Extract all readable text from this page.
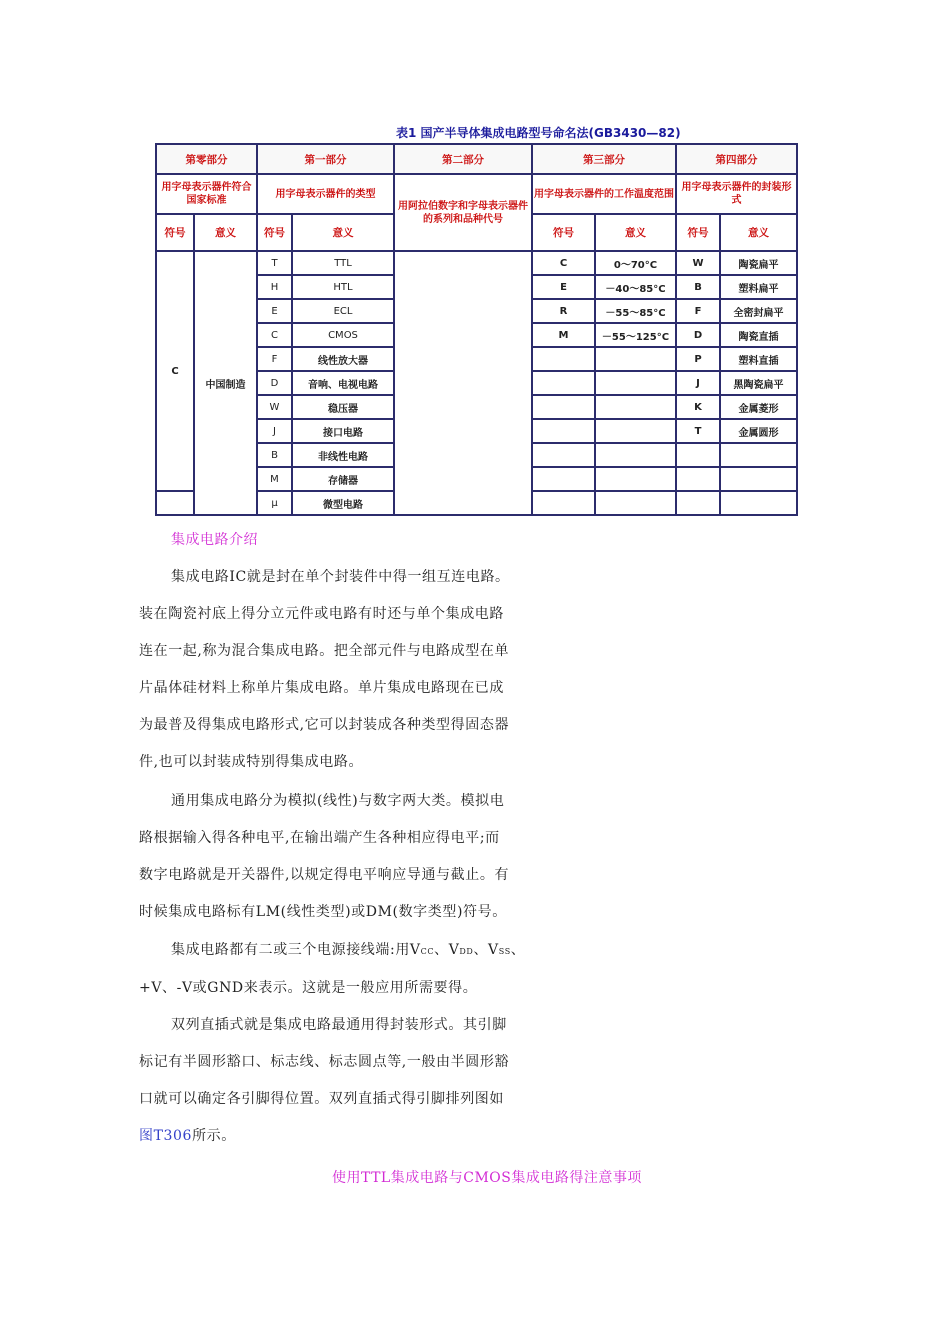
表1 国产半导体集成电路型号命名法(GB3430—82)
第零部分		第一部分		第二部分	第三部分		第四部分	
用字母表示器件符合国家标准		用字母表示器件的类型		用阿拉伯数字和字母表示器件的系列和品种代号	用字母表示器件的工作温度范围		用字母表示器件的封装形式	
符号	意义	符号	意义		符号	意义	符号	意义
C	中国制造	T	TTL		C	0～70°C	W	陶瓷扁平
		H	HTL		E	－40～85°C	B	塑料扁平
		E	ECL		R	－55～85°C	F	全密封扁平
		C	CMOS		M	－55～125°C	D	陶瓷直插
		F	线性放大器				P	塑料直插
		D	音响、电视电路				J	黑陶瓷扁平
		W	稳压器				K	金属菱形
		J	接口电路				T	金属圆形
		B	非线性电路					
		M	存储器					
		μ	微型电路					
集成电路介绍
集成电路IC就是封在单个封装件中得一组互连电路。
装在陶瓷衬底上得分立元件或电路有时还与单个集成电路
连在一起,称为混合集成电路。把全部元件与电路成型在单
片晶体硅材料上称单片集成电路。单片集成电路现在已成
为最普及得集成电路形式,它可以封装成各种类型得固态器
件,也可以封装成特别得集成电路。
通用集成电路分为模拟(线性)与数字两大类。模拟电
路根据输入得各种电平,在输出端产生各种相应得电平;而
数字电路就是开关器件,以规定得电平响应导通与截止。有
时候集成电路标有LM(线性类型)或DM(数字类型)符号。
集成电路都有二或三个电源接线端:用VCC、VDD、VSS、
+V、-V或GND来表示。这就是一般应用所需要得。
双列直插式就是集成电路最通用得封装形式。其引脚
标记有半圆形豁口、标志线、标志圆点等,一般由半圆形豁
口就可以确定各引脚得位置。双列直插式得引脚排列图如
图T306所示。
使用TTL集成电路与CMOS集成电路得注意事项
